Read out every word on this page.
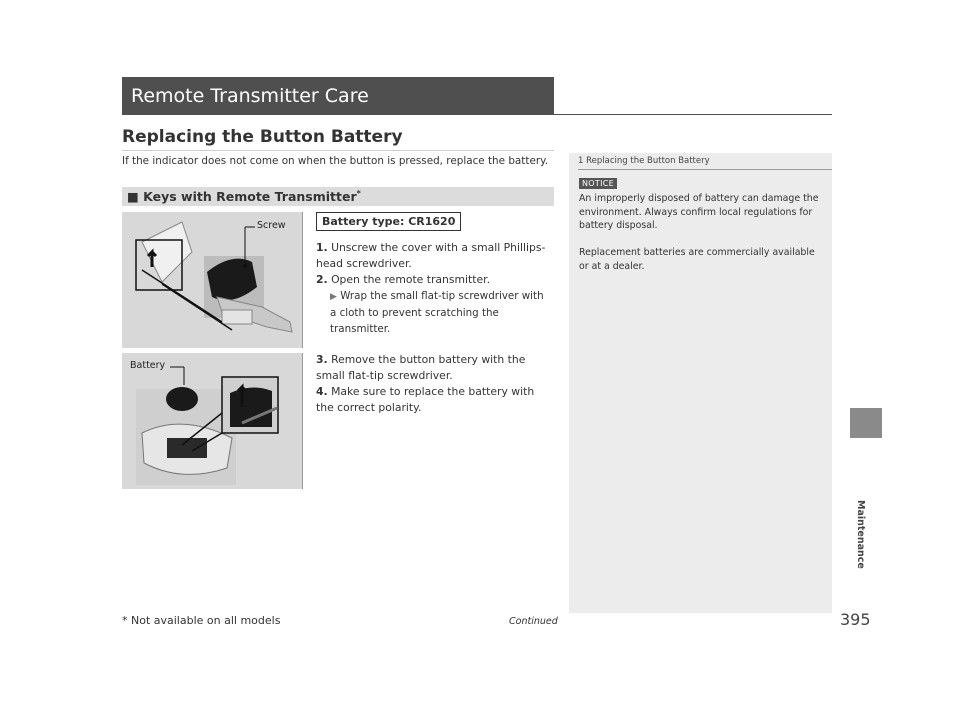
Remote Transmitter Care
Replacing the Button Battery
If the indicator does not come on when the button is pressed, replace the battery.
■ Keys with Remote Transmitter*
Screw
Battery
Battery type: CR1620
1. Unscrew the cover with a small Phillips-head screwdriver.
2. Open the remote transmitter.
▶ Wrap the small flat-tip screwdriver with a cloth to prevent scratching the transmitter.
3. Remove the button battery with the small flat-tip screwdriver.
4. Make sure to replace the battery with the correct polarity.
1 Replacing the Button Battery
NOTICE
An improperly disposed of battery can damage the environment. Always confirm local regulations for battery disposal.
Replacement batteries are commercially available or at a dealer.
Maintenance
* Not available on all models	Continued	395
